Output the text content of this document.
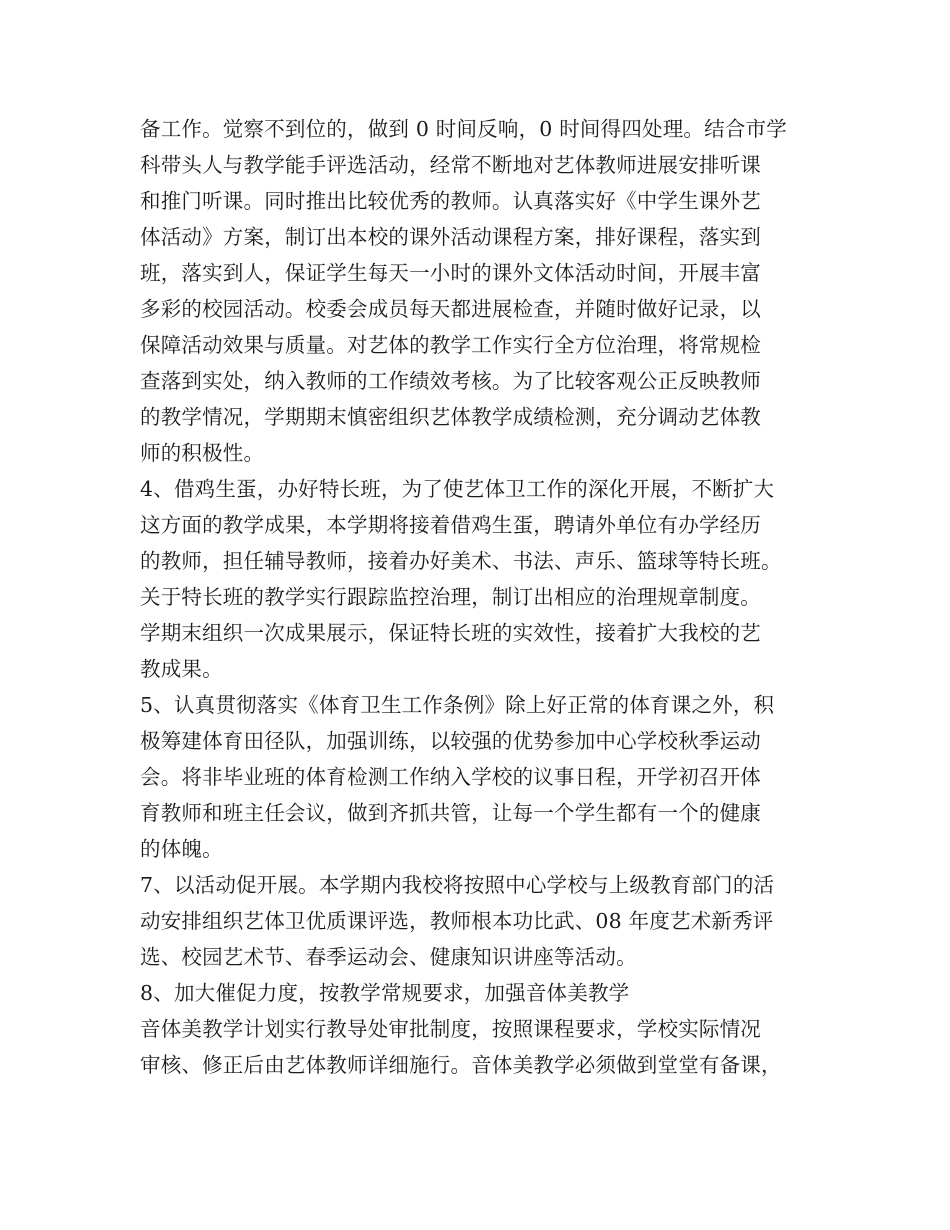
备工作。觉察不到位的，做到 0 时间反响，0 时间得四处理。结合市学
科带头人与教学能手评选活动，经常不断地对艺体教师进展安排听课
和推门听课。同时推出比较优秀的教师。认真落实好《中学生课外艺
体活动》方案，制订出本校的课外活动课程方案，排好课程，落实到
班，落实到人，保证学生每天一小时的课外文体活动时间，开展丰富
多彩的校园活动。校委会成员每天都进展检查，并随时做好记录，以
保障活动效果与质量。对艺体的教学工作实行全方位治理，将常规检
查落到实处，纳入教师的工作绩效考核。为了比较客观公正反映教师
的教学情况，学期期末慎密组织艺体教学成绩检测，充分调动艺体教
师的积极性。
4、借鸡生蛋，办好特长班，为了使艺体卫工作的深化开展，不断扩大
这方面的教学成果，本学期将接着借鸡生蛋，聘请外单位有办学经历
的教师，担任辅导教师，接着办好美术、书法、声乐、篮球等特长班。
关于特长班的教学实行跟踪监控治理，制订出相应的治理规章制度。
学期末组织一次成果展示，保证特长班的实效性，接着扩大我校的艺
教成果。
5、认真贯彻落实《体育卫生工作条例》除上好正常的体育课之外，积
极筹建体育田径队，加强训练，以较强的优势参加中心学校秋季运动
会。将非毕业班的体育检测工作纳入学校的议事日程，开学初召开体
育教师和班主任会议，做到齐抓共管，让每一个学生都有一个的健康
的体魄。
7、以活动促开展。本学期内我校将按照中心学校与上级教育部门的活
动安排组织艺体卫优质课评选，教师根本功比武、08 年度艺术新秀评
选、校园艺术节、春季运动会、健康知识讲座等活动。
8、加大催促力度，按教学常规要求，加强音体美教学
音体美教学计划实行教导处审批制度，按照课程要求，学校实际情况
审核、修正后由艺体教师详细施行。音体美教学必须做到堂堂有备课，
